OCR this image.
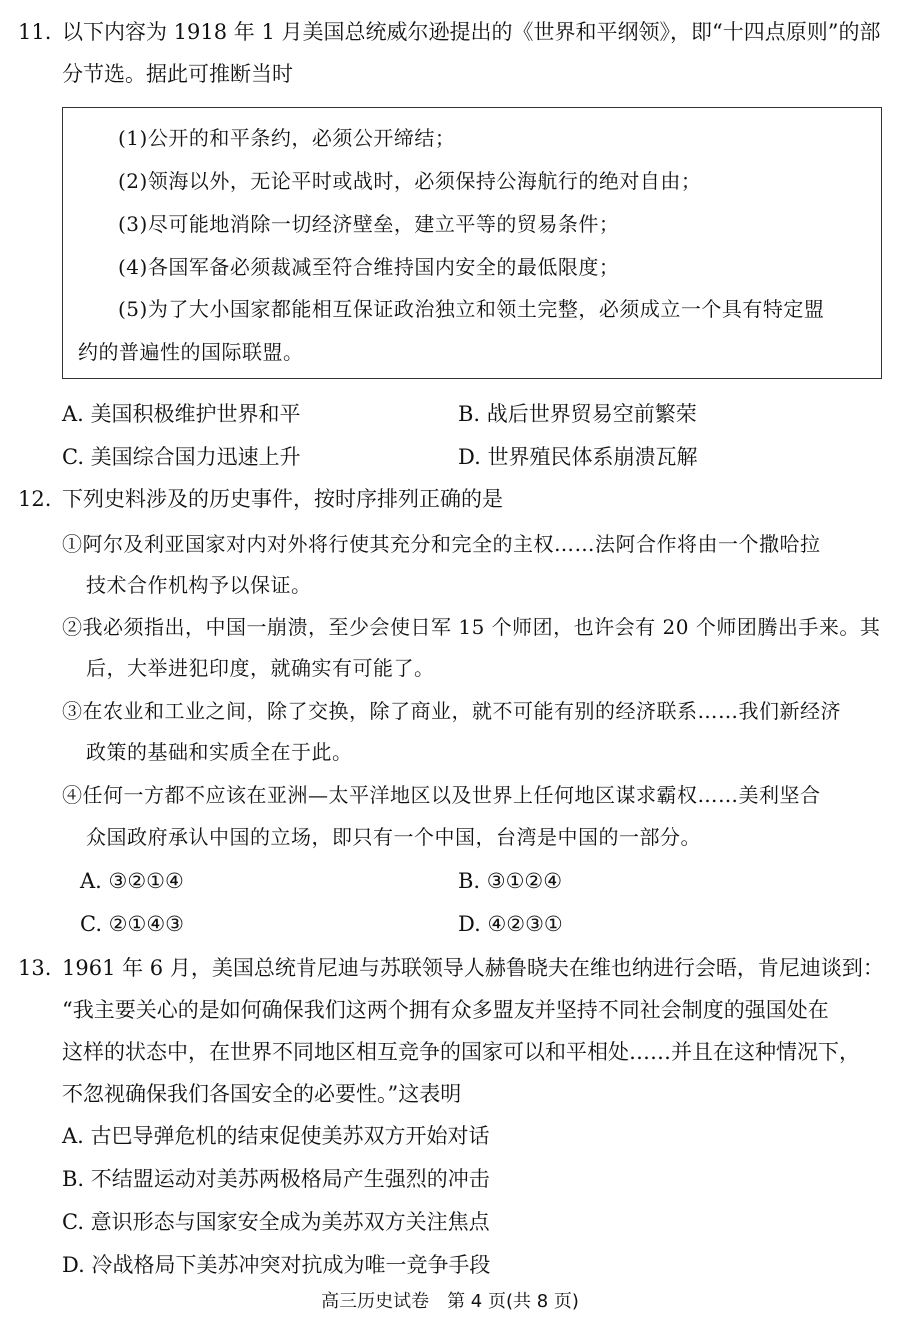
11. 以下内容为 1918 年 1 月美国总统威尔逊提出的《世界和平纲领》，即“十四点原则”的部
分节选。据此可推断当时
(1)公开的和平条约，必须公开缔结；
(2)领海以外，无论平时或战时，必须保持公海航行的绝对自由；
(3)尽可能地消除一切经济壁垒，建立平等的贸易条件；
(4)各国军备必须裁减至符合维持国内安全的最低限度；
(5)为了大小国家都能相互保证政治独立和领土完整，必须成立一个具有特定盟
约的普遍性的国际联盟。
A. 美国积极维护世界和平	B. 战后世界贸易空前繁荣
C. 美国综合国力迅速上升	D. 世界殖民体系崩溃瓦解
12. 下列史料涉及的历史事件，按时序排列正确的是
①阿尔及利亚国家对内对外将行使其充分和完全的主权……法阿合作将由一个撒哈拉
技术合作机构予以保证。
②我必须指出，中国一崩溃，至少会使日军 15 个师团，也许会有 20 个师团腾出手来。其
后，大举进犯印度，就确实有可能了。
③在农业和工业之间，除了交换，除了商业，就不可能有别的经济联系……我们新经济
政策的基础和实质全在于此。
④任何一方都不应该在亚洲—太平洋地区以及世界上任何地区谋求霸权……美利坚合
众国政府承认中国的立场，即只有一个中国，台湾是中国的一部分。
A. ③②①④	B. ③①②④
C. ②①④③	D. ④②③①
13. 1961 年 6 月，美国总统肯尼迪与苏联领导人赫鲁晓夫在维也纳进行会晤，肯尼迪谈到：
“我主要关心的是如何确保我们这两个拥有众多盟友并坚持不同社会制度的强国处在
这样的状态中，在世界不同地区相互竞争的国家可以和平相处……并且在这种情况下，
不忽视确保我们各国安全的必要性。”这表明
A. 古巴导弹危机的结束促使美苏双方开始对话
B. 不结盟运动对美苏两极格局产生强烈的冲击
C. 意识形态与国家安全成为美苏双方关注焦点
D. 冷战格局下美苏冲突对抗成为唯一竞争手段
高三历史试卷　第 4 页(共 8 页)
